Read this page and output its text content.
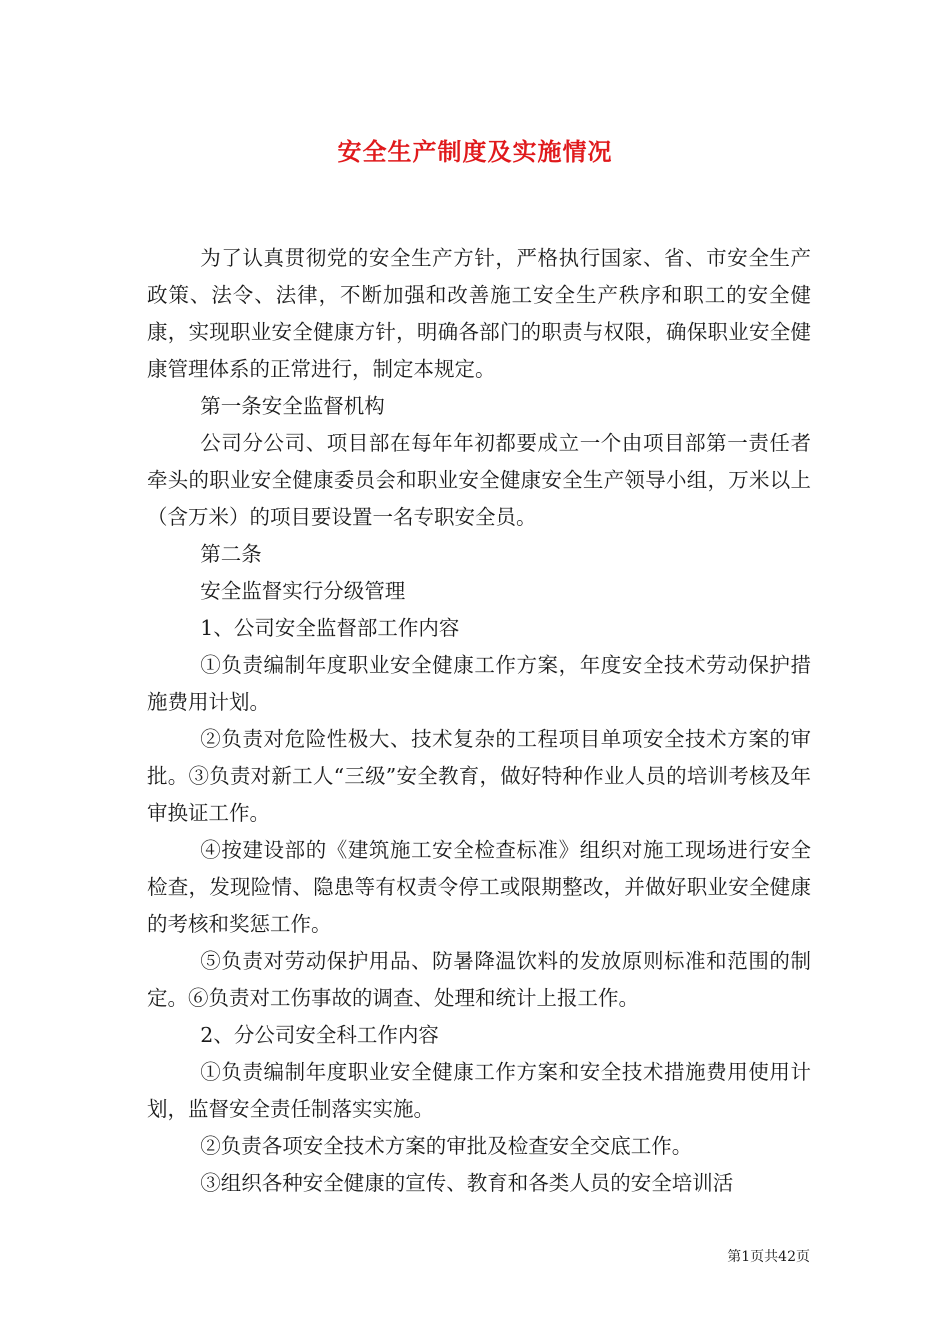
安全生产制度及实施情况

为了认真贯彻党的安全生产方针，严格执行国家、省、市安全生产政策、法令、法律，不断加强和改善施工安全生产秩序和职工的安全健康，实现职业安全健康方针，明确各部门的职责与权限，确保职业安全健康管理体系的正常进行，制定本规定。

第一条安全监督机构

公司分公司、项目部在每年年初都要成立一个由项目部第一责任者牵头的职业安全健康委员会和职业安全健康安全生产领导小组，万米以上（含万米）的项目要设置一名专职安全员。

第二条

安全监督实行分级管理

1、公司安全监督部工作内容

①负责编制年度职业安全健康工作方案，年度安全技术劳动保护措施费用计划。

②负责对危险性极大、技术复杂的工程项目单项安全技术方案的审批。③负责对新工人“三级”安全教育，做好特种作业人员的培训考核及年审换证工作。

④按建设部的《建筑施工安全检查标准》组织对施工现场进行安全检查，发现险情、隐患等有权责令停工或限期整改，并做好职业安全健康的考核和奖惩工作。

⑤负责对劳动保护用品、防暑降温饮料的发放原则标准和范围的制定。⑥负责对工伤事故的调查、处理和统计上报工作。

2、分公司安全科工作内容

①负责编制年度职业安全健康工作方案和安全技术措施费用使用计划，监督安全责任制落实实施。

②负责各项安全技术方案的审批及检查安全交底工作。

③组织各种安全健康的宣传、教育和各类人员的安全培训活

第1页共42页
